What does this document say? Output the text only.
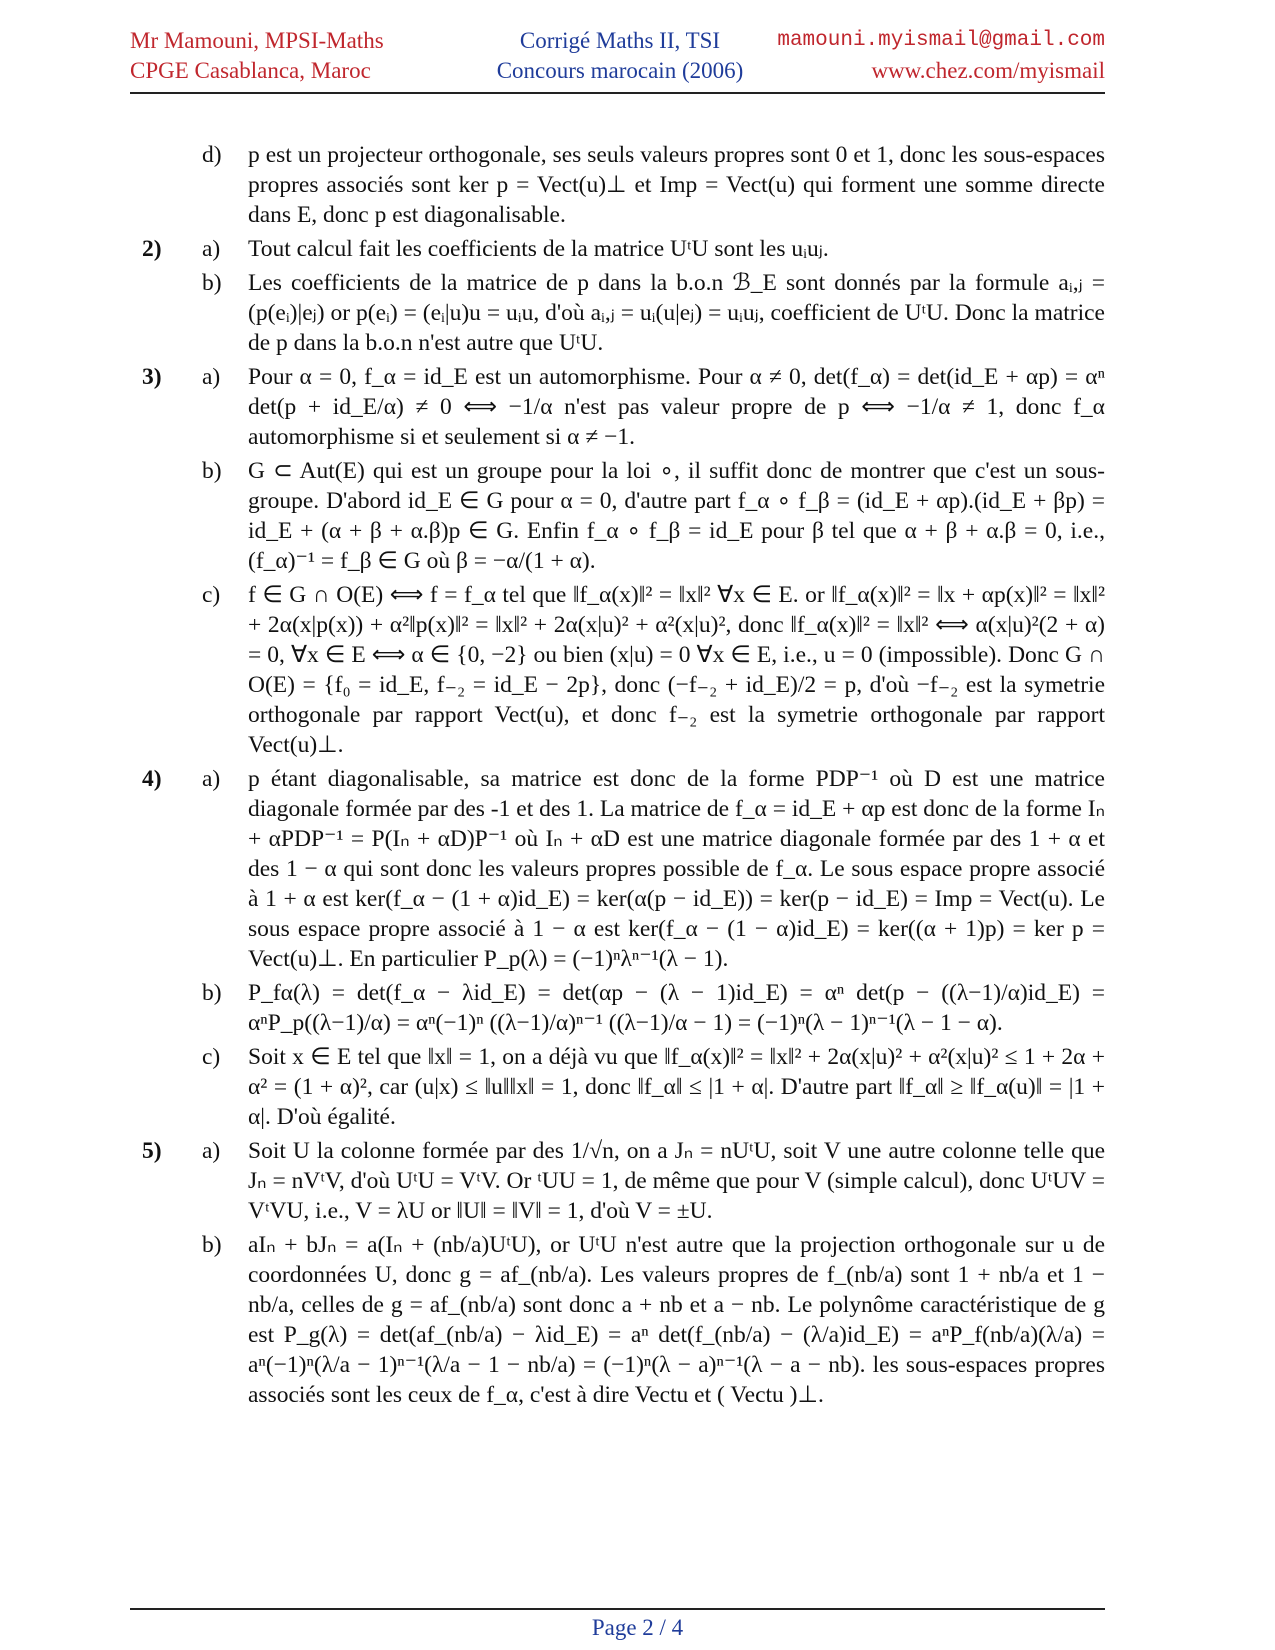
Mr Mamouni, MPSI-Maths
CPGE Casablanca, Maroc
Corrigé Maths II, TSI
Concours marocain (2006)
mamouni.myismail@gmail.com
www.chez.com/myismail
d) p est un projecteur orthogonale, ses seuls valeurs propres sont 0 et 1, donc les sous-espaces propres associés sont ker p = Vect(u)⊥ et Imp = Vect(u) qui forment une somme directe dans E, donc p est diagonalisable.

2) a) Tout calcul fait les coefficients de la matrice UᵗU sont les uᵢuⱼ.

b) Les coefficients de la matrice de p dans la b.o.n ℬ_E sont donnés par la formule aᵢ,ⱼ = (p(eᵢ)|eⱼ) or p(eᵢ) = (eᵢ|u)u = uᵢu, d'où aᵢ,ⱼ = uᵢ(u|eⱼ) = uᵢuⱼ, coefficient de UᵗU. Donc la matrice de p dans la b.o.n n'est autre que UᵗU.

3) a) Pour α = 0, f_α = id_E est un automorphisme. Pour α ≠ 0, det(f_α) = det(id_E + αp) = αⁿ det(p + id_E/α) ≠ 0 ⟺ −1/α n'est pas valeur propre de p ⟺ −1/α ≠ 1, donc f_α automorphisme si et seulement si α ≠ −1.

b) G ⊂ Aut(E) qui est un groupe pour la loi ∘, il suffit donc de montrer que c'est un sous-groupe. D'abord id_E ∈ G pour α = 0, d'autre part f_α ∘ f_β = (id_E + αp).(id_E + βp) = id_E + (α + β + α.β)p ∈ G. Enfin f_α ∘ f_β = id_E pour β tel que α + β + α.β = 0, i.e., (f_α)⁻¹ = f_β ∈ G où β = −α/(1 + α).

c) f ∈ G ∩ O(E) ⟺ f = f_α tel que ‖f_α(x)‖² = ‖x‖² ∀x ∈ E. or ‖f_α(x)‖² = ‖x + αp(x)‖² = ‖x‖² + 2α(x|p(x)) + α²‖p(x)‖² = ‖x‖² + 2α(x|u)² + α²(x|u)², donc ‖f_α(x)‖² = ‖x‖² ⟺ α(x|u)²(2 + α) = 0, ∀x ∈ E ⟺ α ∈ {0, −2} ou bien (x|u) = 0 ∀x ∈ E, i.e., u = 0 (impossible). Donc G ∩ O(E) = {f₀ = id_E, f₋₂ = id_E − 2p}, donc (−f₋₂ + id_E)/2 = p, d'où −f₋₂ est la symetrie orthogonale par rapport Vect(u), et donc f₋₂ est la symetrie orthogonale par rapport Vect(u)⊥.

4) a) p étant diagonalisable, sa matrice est donc de la forme PDP⁻¹ où D est une matrice diagonale formée par des -1 et des 1. La matrice de f_α = id_E + αp est donc de la forme Iₙ + αPDP⁻¹ = P(Iₙ + αD)P⁻¹ où Iₙ + αD est une matrice diagonale formée par des 1 + α et des 1 − α qui sont donc les valeurs propres possible de f_α. Le sous espace propre associé à 1 + α est ker(f_α − (1 + α)id_E) = ker(α(p − id_E)) = ker(p − id_E) = Imp = Vect(u). Le sous espace propre associé à 1 − α est ker(f_α − (1 − α)id_E) = ker((α + 1)p) = ker p = Vect(u)⊥. En particulier P_p(λ) = (−1)ⁿλⁿ⁻¹(λ − 1).

b) P_fα(λ) = det(f_α − λid_E) = det(αp − (λ − 1)id_E) = αⁿ det(p − ((λ−1)/α)id_E) = αⁿP_p((λ−1)/α) = αⁿ(−1)ⁿ ((λ−1)/α)ⁿ⁻¹ ((λ−1)/α − 1) = (−1)ⁿ(λ − 1)ⁿ⁻¹(λ − 1 − α).

c) Soit x ∈ E tel que ‖x‖ = 1, on a déjà vu que ‖f_α(x)‖² = ‖x‖² + 2α(x|u)² + α²(x|u)² ≤ 1 + 2α + α² = (1 + α)², car (u|x) ≤ ‖u‖‖x‖ = 1, donc ‖f_α‖ ≤ |1 + α|. D'autre part ‖f_α‖ ≥ ‖f_α(u)‖ = |1 + α|. D'où égalité.

5) a) Soit U la colonne formée par des 1/√n, on a Jₙ = nUᵗU, soit V une autre colonne telle que Jₙ = nVᵗV, d'où UᵗU = VᵗV. Or ᵗUU = 1, de même que pour V (simple calcul), donc UᵗUV = VᵗVU, i.e., V = λU or ‖U‖ = ‖V‖ = 1, d'où V = ±U.

b) aIₙ + bJₙ = a(Iₙ + (nb/a)UᵗU), or UᵗU n'est autre que la projection orthogonale sur u de coordonnées U, donc g = af_(nb/a). Les valeurs propres de f_(nb/a) sont 1 + nb/a et 1 − nb/a, celles de g = af_(nb/a) sont donc a + nb et a − nb. Le polynôme caractéristique de g est P_g(λ) = det(af_(nb/a) − λid_E) = aⁿ det(f_(nb/a) − (λ/a)id_E) = aⁿP_f(nb/a)(λ/a) = aⁿ(−1)ⁿ(λ/a − 1)ⁿ⁻¹(λ/a − 1 − nb/a) = (−1)ⁿ(λ − a)ⁿ⁻¹(λ − a − nb). les sous-espaces propres associés sont les ceux de f_α, c'est à dire Vectu et ( Vectu )⊥.

Page 2 / 4
